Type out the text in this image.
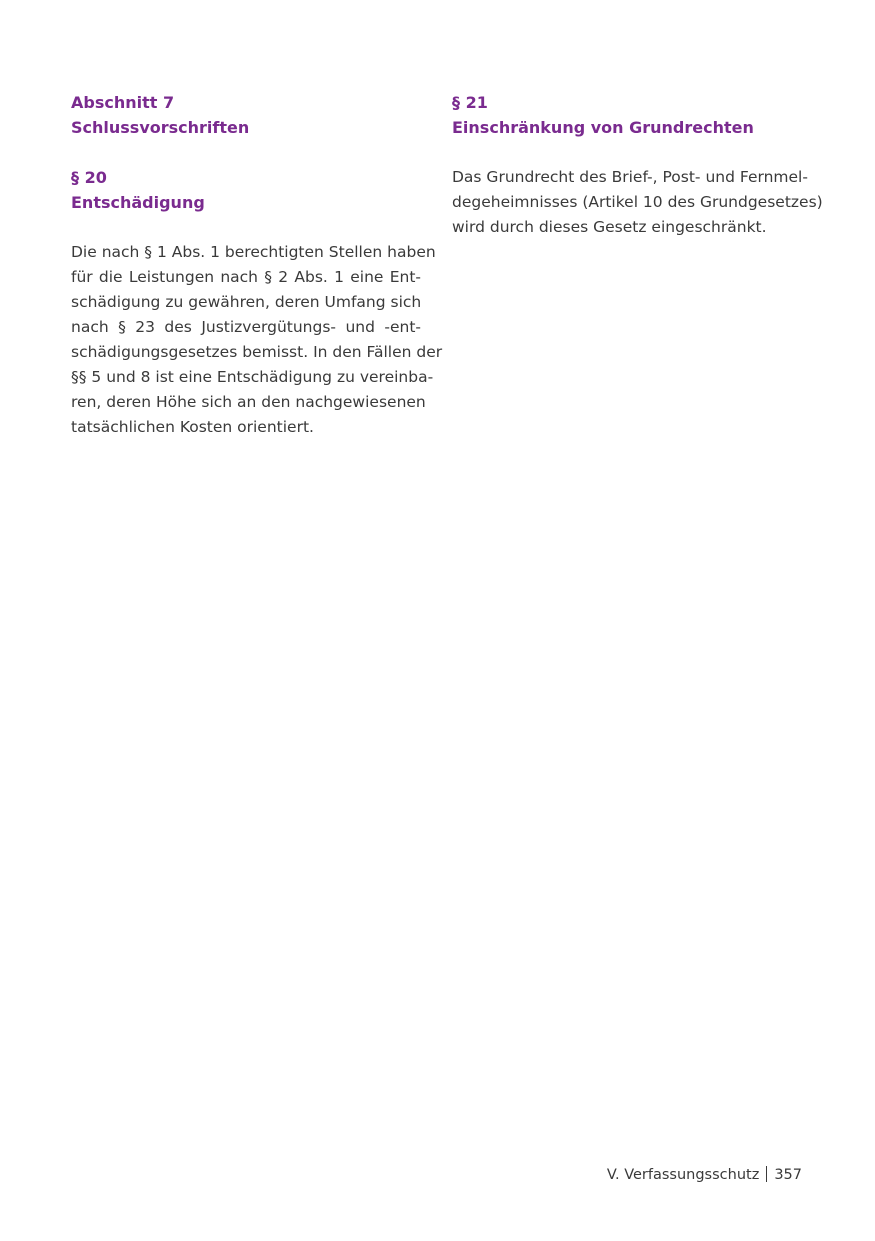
Abschnitt 7
Schlussvorschriften
§ 20
Entschädigung
Die nach § 1 Abs. 1 berechtigten Stellen haben
für die Leistungen nach § 2 Abs. 1 eine Ent-
schädigung zu gewähren, deren Umfang sich
nach § 23 des Justizvergütungs- und -ent-
schädigungsgesetzes bemisst. In den Fällen der
§§ 5 und 8 ist eine Entschädigung zu vereinba-
ren, deren Höhe sich an den nachgewiesenen
tatsächlichen Kosten orientiert.
§ 21
Einschränkung von Grundrechten
Das Grundrecht des Brief-, Post- und Fernmel-
degeheimnisses (Artikel 10 des Grundgesetzes)
wird durch dieses Gesetz eingeschränkt.
V. Verfassungsschutz 357
